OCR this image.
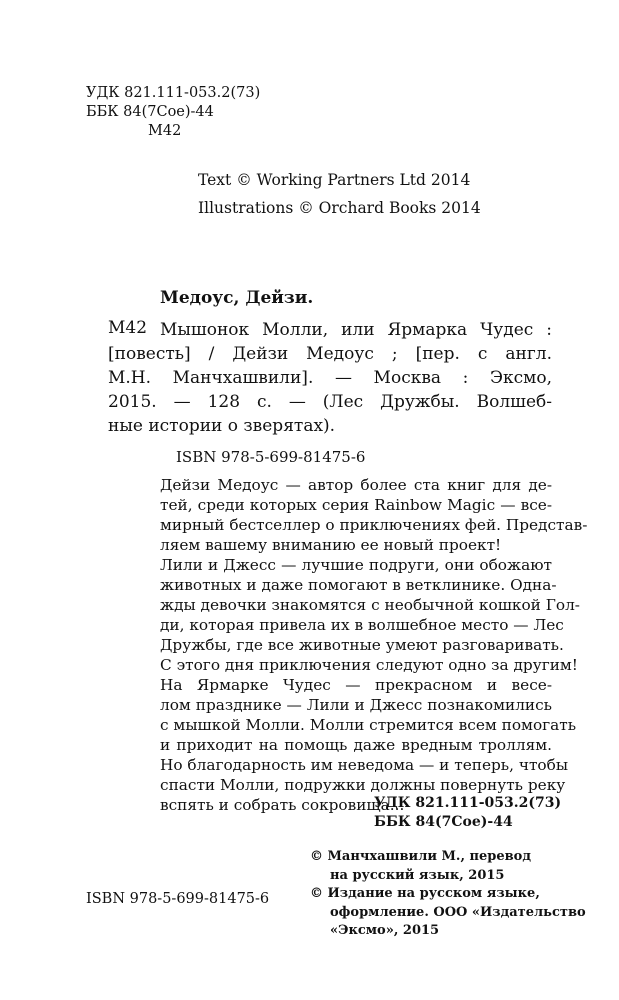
УДК 821.111-053.2(73)
ББК 84(7Сое)-44
М42
Text © Working Partners Ltd 2014
Illustrations © Orchard Books 2014
Медоус, Дейзи.
М42 Мышонок Молли, или Ярмарка Чудес :
[повесть] / Дейзи Медоус ; [пер. с англ.
М.Н. Манчхашвили]. — Москва : Эксмо,
2015. — 128 с. — (Лес Дружбы. Волшеб-
ные истории о зверятах).
ISBN 978-5-699-81475-6
Дейзи Медоус — автор более ста книг для де-
тей, среди которых серия Rainbow Magic — все-
мирный бестселлер о приключениях фей. Представ-
ляем вашему вниманию ее новый проект!
Лили и Джесс — лучшие подруги, они обожают
животных и даже помогают в ветклинике. Одна-
жды девочки знакомятся с необычной кошкой Гол-
ди, которая привела их в волшебное место — Лес
Дружбы, где все животные умеют разговаривать.
С этого дня приключения следуют одно за другим!
На Ярмарке Чудес — прекрасном и весе-
лом празднике — Лили и Джесс познакомились
с мышкой Молли. Молли стремится всем помогать
и приходит на помощь даже вредным троллям.
Но благодарность им неведома — и теперь, чтобы
спасти Молли, подружки должны повернуть реку
вспять и собрать сокровища...
УДК 821.111-053.2(73)
ББК 84(7Сое)-44
© Манчхашвили М., перевод
на русский язык, 2015
© Издание на русском языке,
оформление. ООО «Издательство
«Эксмо», 2015
ISBN 978-5-699-81475-6
